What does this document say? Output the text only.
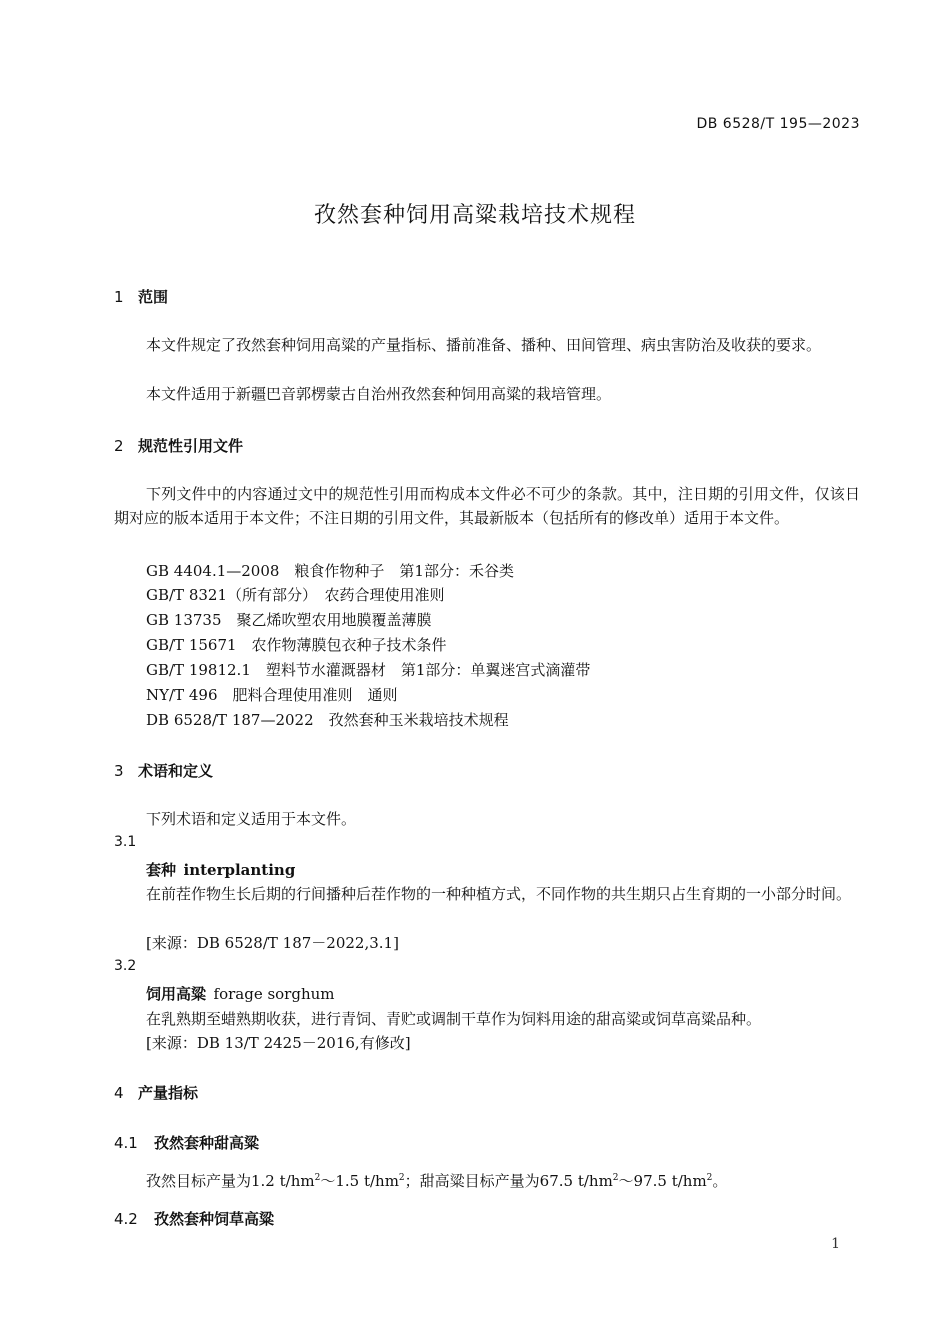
DB 6528/T 195—2023
孜然套种饲用高粱栽培技术规程
1 范围
本文件规定了孜然套种饲用高粱的产量指标、播前准备、播种、田间管理、病虫害防治及收获的要求。
本文件适用于新疆巴音郭楞蒙古自治州孜然套种饲用高粱的栽培管理。
2 规范性引用文件
下列文件中的内容通过文中的规范性引用而构成本文件必不可少的条款。其中，注日期的引用文件，仅该日期对应的版本适用于本文件；不注日期的引用文件，其最新版本（包括所有的修改单）适用于本文件。
GB 4404.1—2008　粮食作物种子　第1部分：禾谷类
GB/T 8321（所有部分）　农药合理使用准则
GB 13735　聚乙烯吹塑农用地膜覆盖薄膜
GB/T 15671　农作物薄膜包衣种子技术条件
GB/T 19812.1　塑料节水灌溉器材　第1部分：单翼迷宫式滴灌带
NY/T 496　肥料合理使用准则　通则
DB 6528/T 187—2022　孜然套种玉米栽培技术规程
3 术语和定义
下列术语和定义适用于本文件。
3.1
套种 interplanting
在前茬作物生长后期的行间播种后茬作物的一种种植方式，不同作物的共生期只占生育期的一小部分时间。
[来源：DB 6528/T 187－2022,3.1]
3.2
饲用高粱 forage sorghum
在乳熟期至蜡熟期收获，进行青饲、青贮或调制干草作为饲料用途的甜高粱或饲草高粱品种。
[来源：DB 13/T 2425－2016,有修改]
4 产量指标
4.1 孜然套种甜高粱
孜然目标产量为1.2 $t/hm^2\sim 1.5$ $t/hm^2$；甜高粱目标产量为67.5 $t/hm^2\sim 97.5$ $t/hm^2$。
4.2 孜然套种饲草高粱
1
